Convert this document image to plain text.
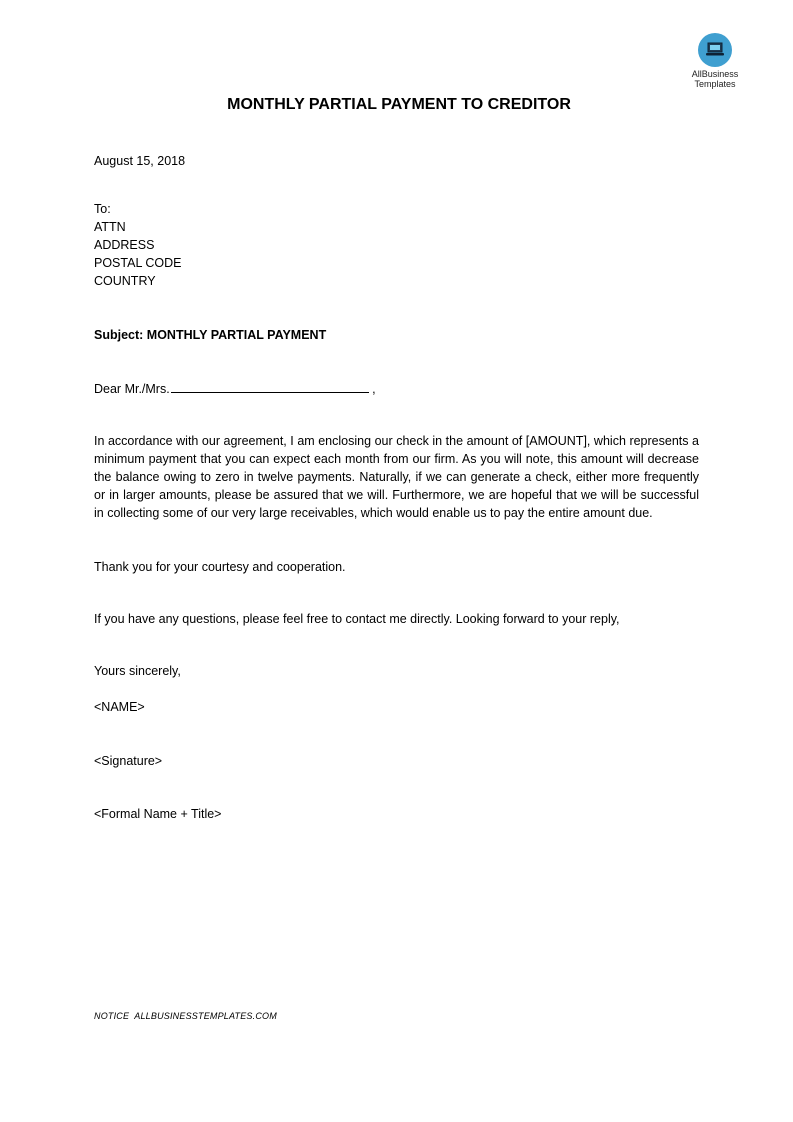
AllBusiness
Templates
MONTHLY PARTIAL PAYMENT TO CREDITOR
August 15, 2018
To:
ATTN
ADDRESS
POSTAL CODE
COUNTRY
Subject: MONTHLY PARTIAL PAYMENT
Dear Mr./Mrs.	,
In accordance with our agreement, I am enclosing our check in the amount of [AMOUNT], which represents a minimum payment that you can expect each month from our firm. As you will note, this amount will decrease the balance owing to zero in twelve payments. Naturally, if we can generate a check, either more frequently or in larger amounts, please be assured that we will. Furthermore, we are hopeful that we will be successful in collecting some of our very large receivables, which would enable us to pay the entire amount due.
Thank you for your courtesy and cooperation.
If you have any questions, please feel free to contact me directly. Looking forward to your reply,
Yours sincerely,
<NAME>
<Signature>
<Formal Name + Title>
NOTICE  ALLBUSINESSTEMPLATES.COM
